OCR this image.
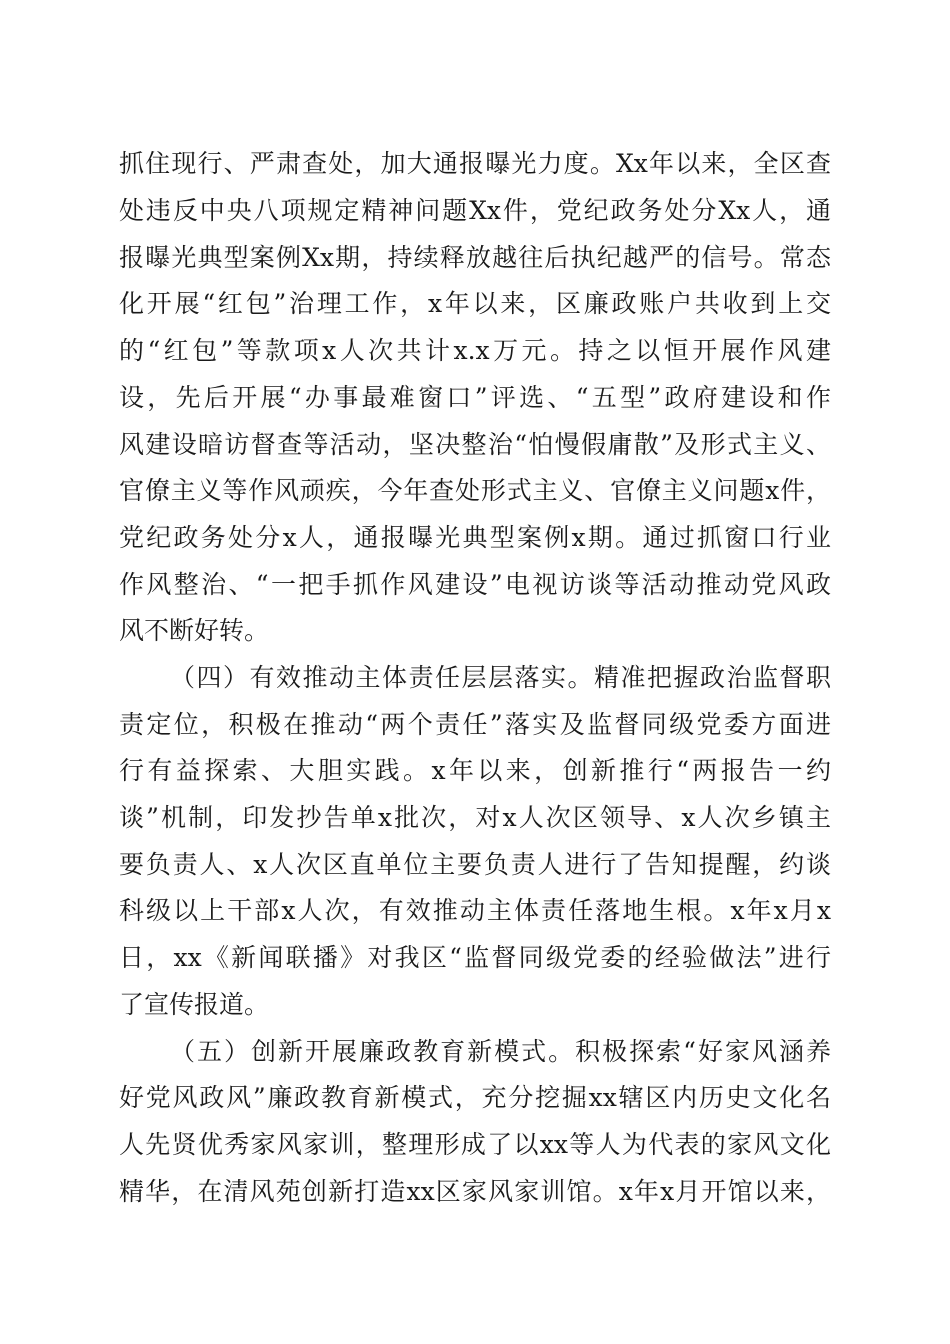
抓住现行、严肃查处，加大通报曝光力度。Xx年以来，全区查
处违反中央八项规定精神问题Xx件，党纪政务处分Xx人，通
报曝光典型案例Xx期，持续释放越往后执纪越严的信号。常态
化开展“红包”治理工作，x年以来，区廉政账户共收到上交
的“红包”等款项x人次共计x.x万元。持之以恒开展作风建
设，先后开展“办事最难窗口”评选、“五型”政府建设和作
风建设暗访督查等活动，坚决整治“怕慢假庸散”及形式主义、
官僚主义等作风顽疾，今年查处形式主义、官僚主义问题x件，
党纪政务处分x人，通报曝光典型案例x期。通过抓窗口行业
作风整治、“一把手抓作风建设”电视访谈等活动推动党风政
风不断好转。
（四）有效推动主体责任层层落实。精准把握政治监督职
责定位，积极在推动“两个责任”落实及监督同级党委方面进
行有益探索、大胆实践。x年以来，创新推行“两报告一约
谈”机制，印发抄告单x批次，对x人次区领导、x人次乡镇主
要负责人、x人次区直单位主要负责人进行了告知提醒，约谈
科级以上干部x人次，有效推动主体责任落地生根。x年x月x
日，xx《新闻联播》对我区“监督同级党委的经验做法”进行
了宣传报道。
（五）创新开展廉政教育新模式。积极探索“好家风涵养
好党风政风”廉政教育新模式，充分挖掘xx辖区内历史文化名
人先贤优秀家风家训，整理形成了以xx等人为代表的家风文化
精华，在清风苑创新打造xx区家风家训馆。x年x月开馆以来，
